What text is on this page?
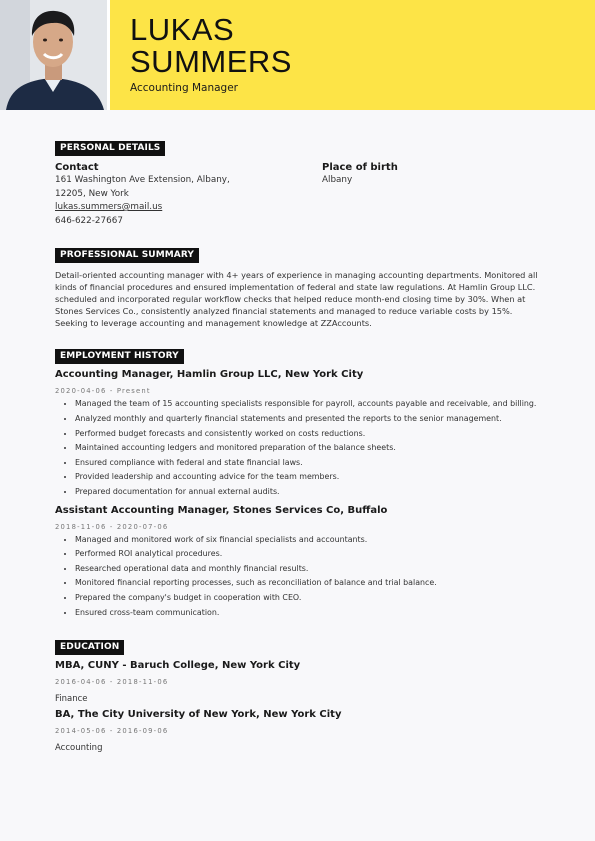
LUKAS
SUMMERS
Accounting Manager
PERSONAL DETAILS
Contact
161 Washington Ave Extension, Albany,
12205, New York
lukas.summers@mail.us
646-622-27667
Place of birth
Albany
PROFESSIONAL SUMMARY
Detail-oriented accounting manager with 4+ years of experience in managing accounting departments. Monitored all kinds of financial procedures and ensured implementation of federal and state law regulations. At Hamlin Group LLC. scheduled and incorporated regular workflow checks that helped reduce month-end closing time by 30%. When at Stones Services Co., consistently analyzed financial statements and managed to reduce variable costs by 15%. Seeking to leverage accounting and management knowledge at ZZAccounts.
EMPLOYMENT HISTORY
Accounting Manager, Hamlin Group LLC, New York City
2020-04-06 - Present
• Managed the team of 15 accounting specialists responsible for payroll, accounts payable and receivable, and billing.
• Analyzed monthly and quarterly financial statements and presented the reports to the senior management.
• Performed budget forecasts and consistently worked on costs reductions.
• Maintained accounting ledgers and monitored preparation of the balance sheets.
• Ensured compliance with federal and state financial laws.
• Provided leadership and accounting advice for the team members.
• Prepared documentation for annual external audits.
Assistant Accounting Manager, Stones Services Co, Buffalo
2018-11-06 - 2020-07-06
• Managed and monitored work of six financial specialists and accountants.
• Performed ROI analytical procedures.
• Researched operational data and monthly financial results.
• Monitored financial reporting processes, such as reconciliation of balance and trial balance.
• Prepared the company's budget in cooperation with CEO.
• Ensured cross-team communication.
EDUCATION
MBA, CUNY - Baruch College, New York City
2016-04-06 - 2018-11-06
Finance
BA, The City University of New York, New York City
2014-05-06 - 2016-09-06
Accounting
